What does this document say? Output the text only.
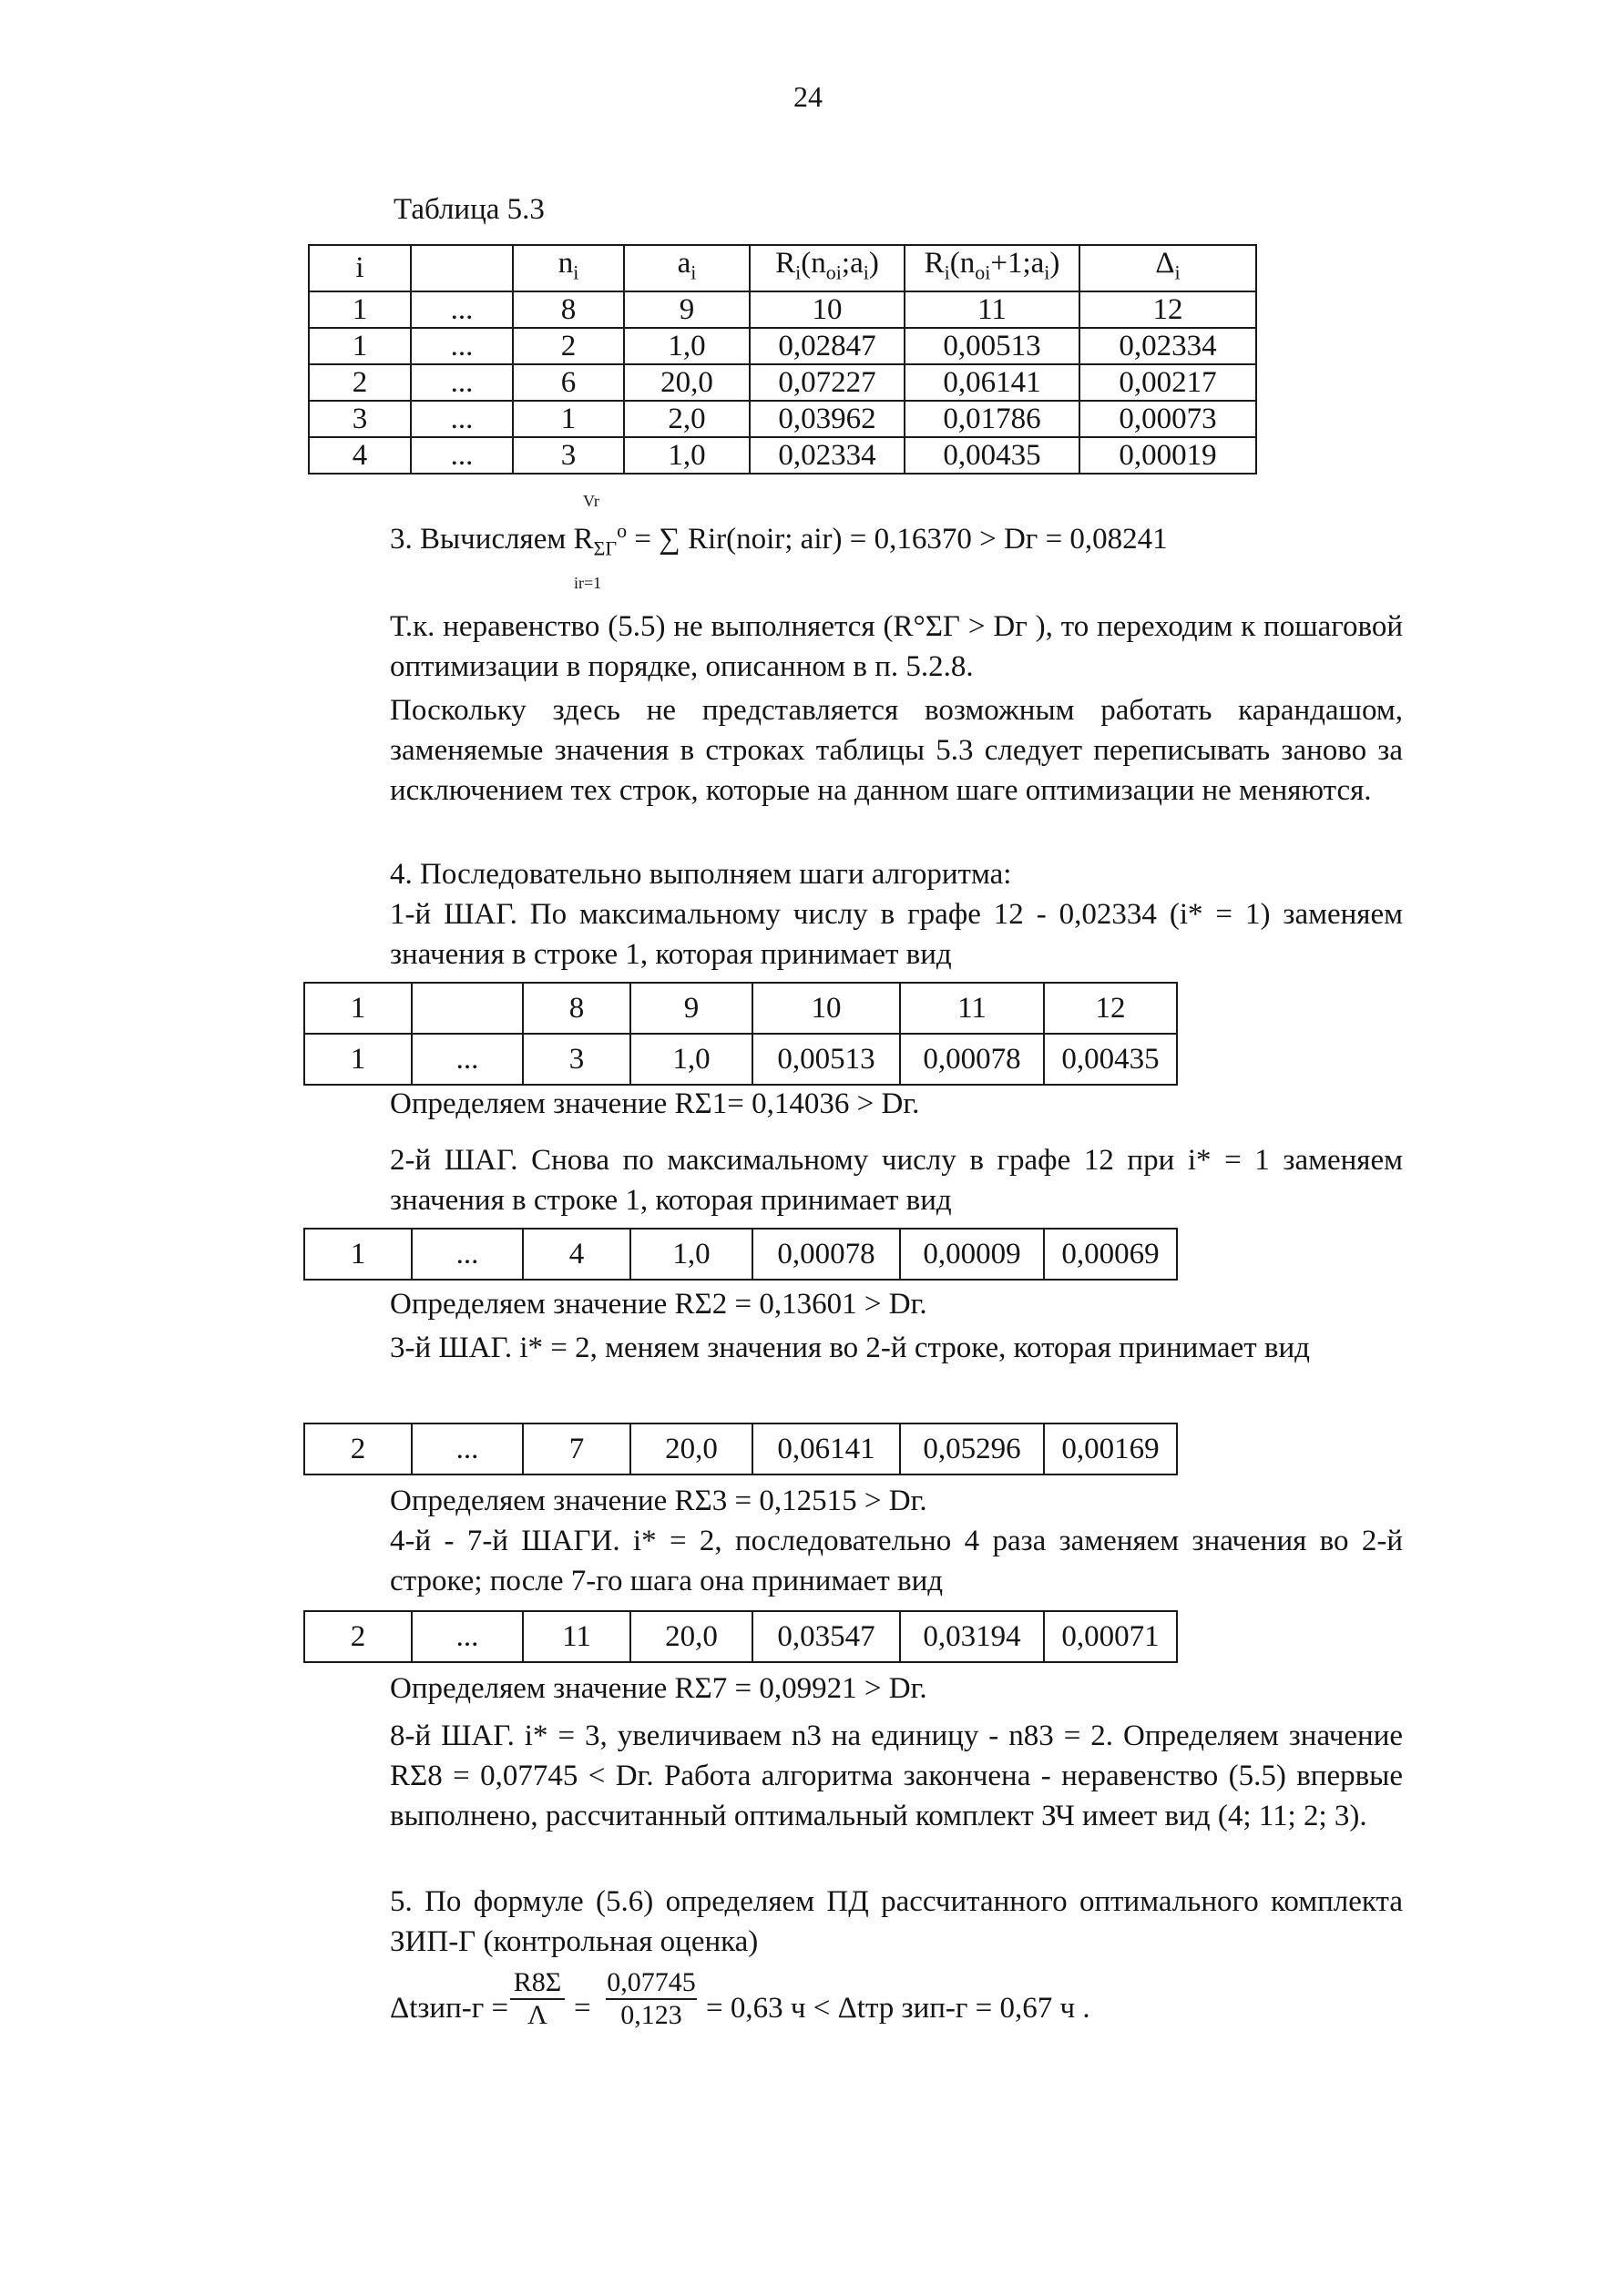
24
Таблица 5.3
i		$n_i$	$a_i$	$R_i(n_{oi};a_i)$	$R_i(n_{oi}+1;a_i)$	$\Delta_i$
1	...	8	9	10	11	12
1	...	2	1,0	0,02847	0,00513	0,02334
2	...	6	20,0	0,07227	0,06141	0,00217
3	...	1	2,0	0,03962	0,01786	0,00073
4	...	3	1,0	0,02334	0,00435	0,00019
3. Вычисляем $R_{\Sigma Г}^o$ = ∑ Rir(noir; air) = 0,16370 > Dг = 0,08241
Vr
ir=1
Т.к. неравенство (5.5) не выполняется (R°ΣГ > Dг ), то переходим к пошаговой оптимизации в порядке, описанном в п. 5.2.8.
Поскольку здесь не представляется возможным работать карандашом, заменяемые значения в строках таблицы 5.3 следует переписывать заново за исключением тех строк, которые на данном шаге оптимизации не меняются.
4. Последовательно выполняем шаги алгоритма:
1-й ШАГ. По максимальному числу в графе 12 - 0,02334 (i* = 1) заменяем значения в строке 1, которая принимает вид
1		8	9	10	11	12
1	...	3	1,0	0,00513	0,00078	0,00435
Определяем значение RΣ1= 0,14036 > Dг.
2-й ШАГ. Снова по максимальному числу в графе 12 при i* = 1 заменяем значения в строке 1, которая принимает вид
1	...	4	1,0	0,00078	0,00009	0,00069
Определяем значение RΣ2 = 0,13601 > Dг.
3-й ШАГ. i* = 2, меняем значения во 2-й строке, которая принимает вид
2	...	7	20,0	0,06141	0,05296	0,00169
Определяем значение RΣ3 = 0,12515 > Dг.
4-й - 7-й ШАГИ. i* = 2, последовательно 4 раза заменяем значения во 2-й строке; после 7-го шага она принимает вид
2	...	11	20,0	0,03547	0,03194	0,00071
Определяем значение RΣ7 = 0,09921 > Dг.
8-й ШАГ. i* = 3, увеличиваем n3 на единицу - n83 = 2. Определяем значение RΣ8 = 0,07745 < Dг. Работа алгоритма закончена - неравенство (5.5) впервые выполнено, рассчитанный оптимальный комплект ЗЧ имеет вид (4; 11; 2; 3).
5. По формуле (5.6) определяем ПД рассчитанного оптимального комплекта ЗИП-Г (контрольная оценка)
Δtзип-г = $\frac{R8\Sigma}{\Lambda} = \frac{0,07745}{0,123} = 0,63$ ч < Δtтр зип-г = 0,67 ч .
